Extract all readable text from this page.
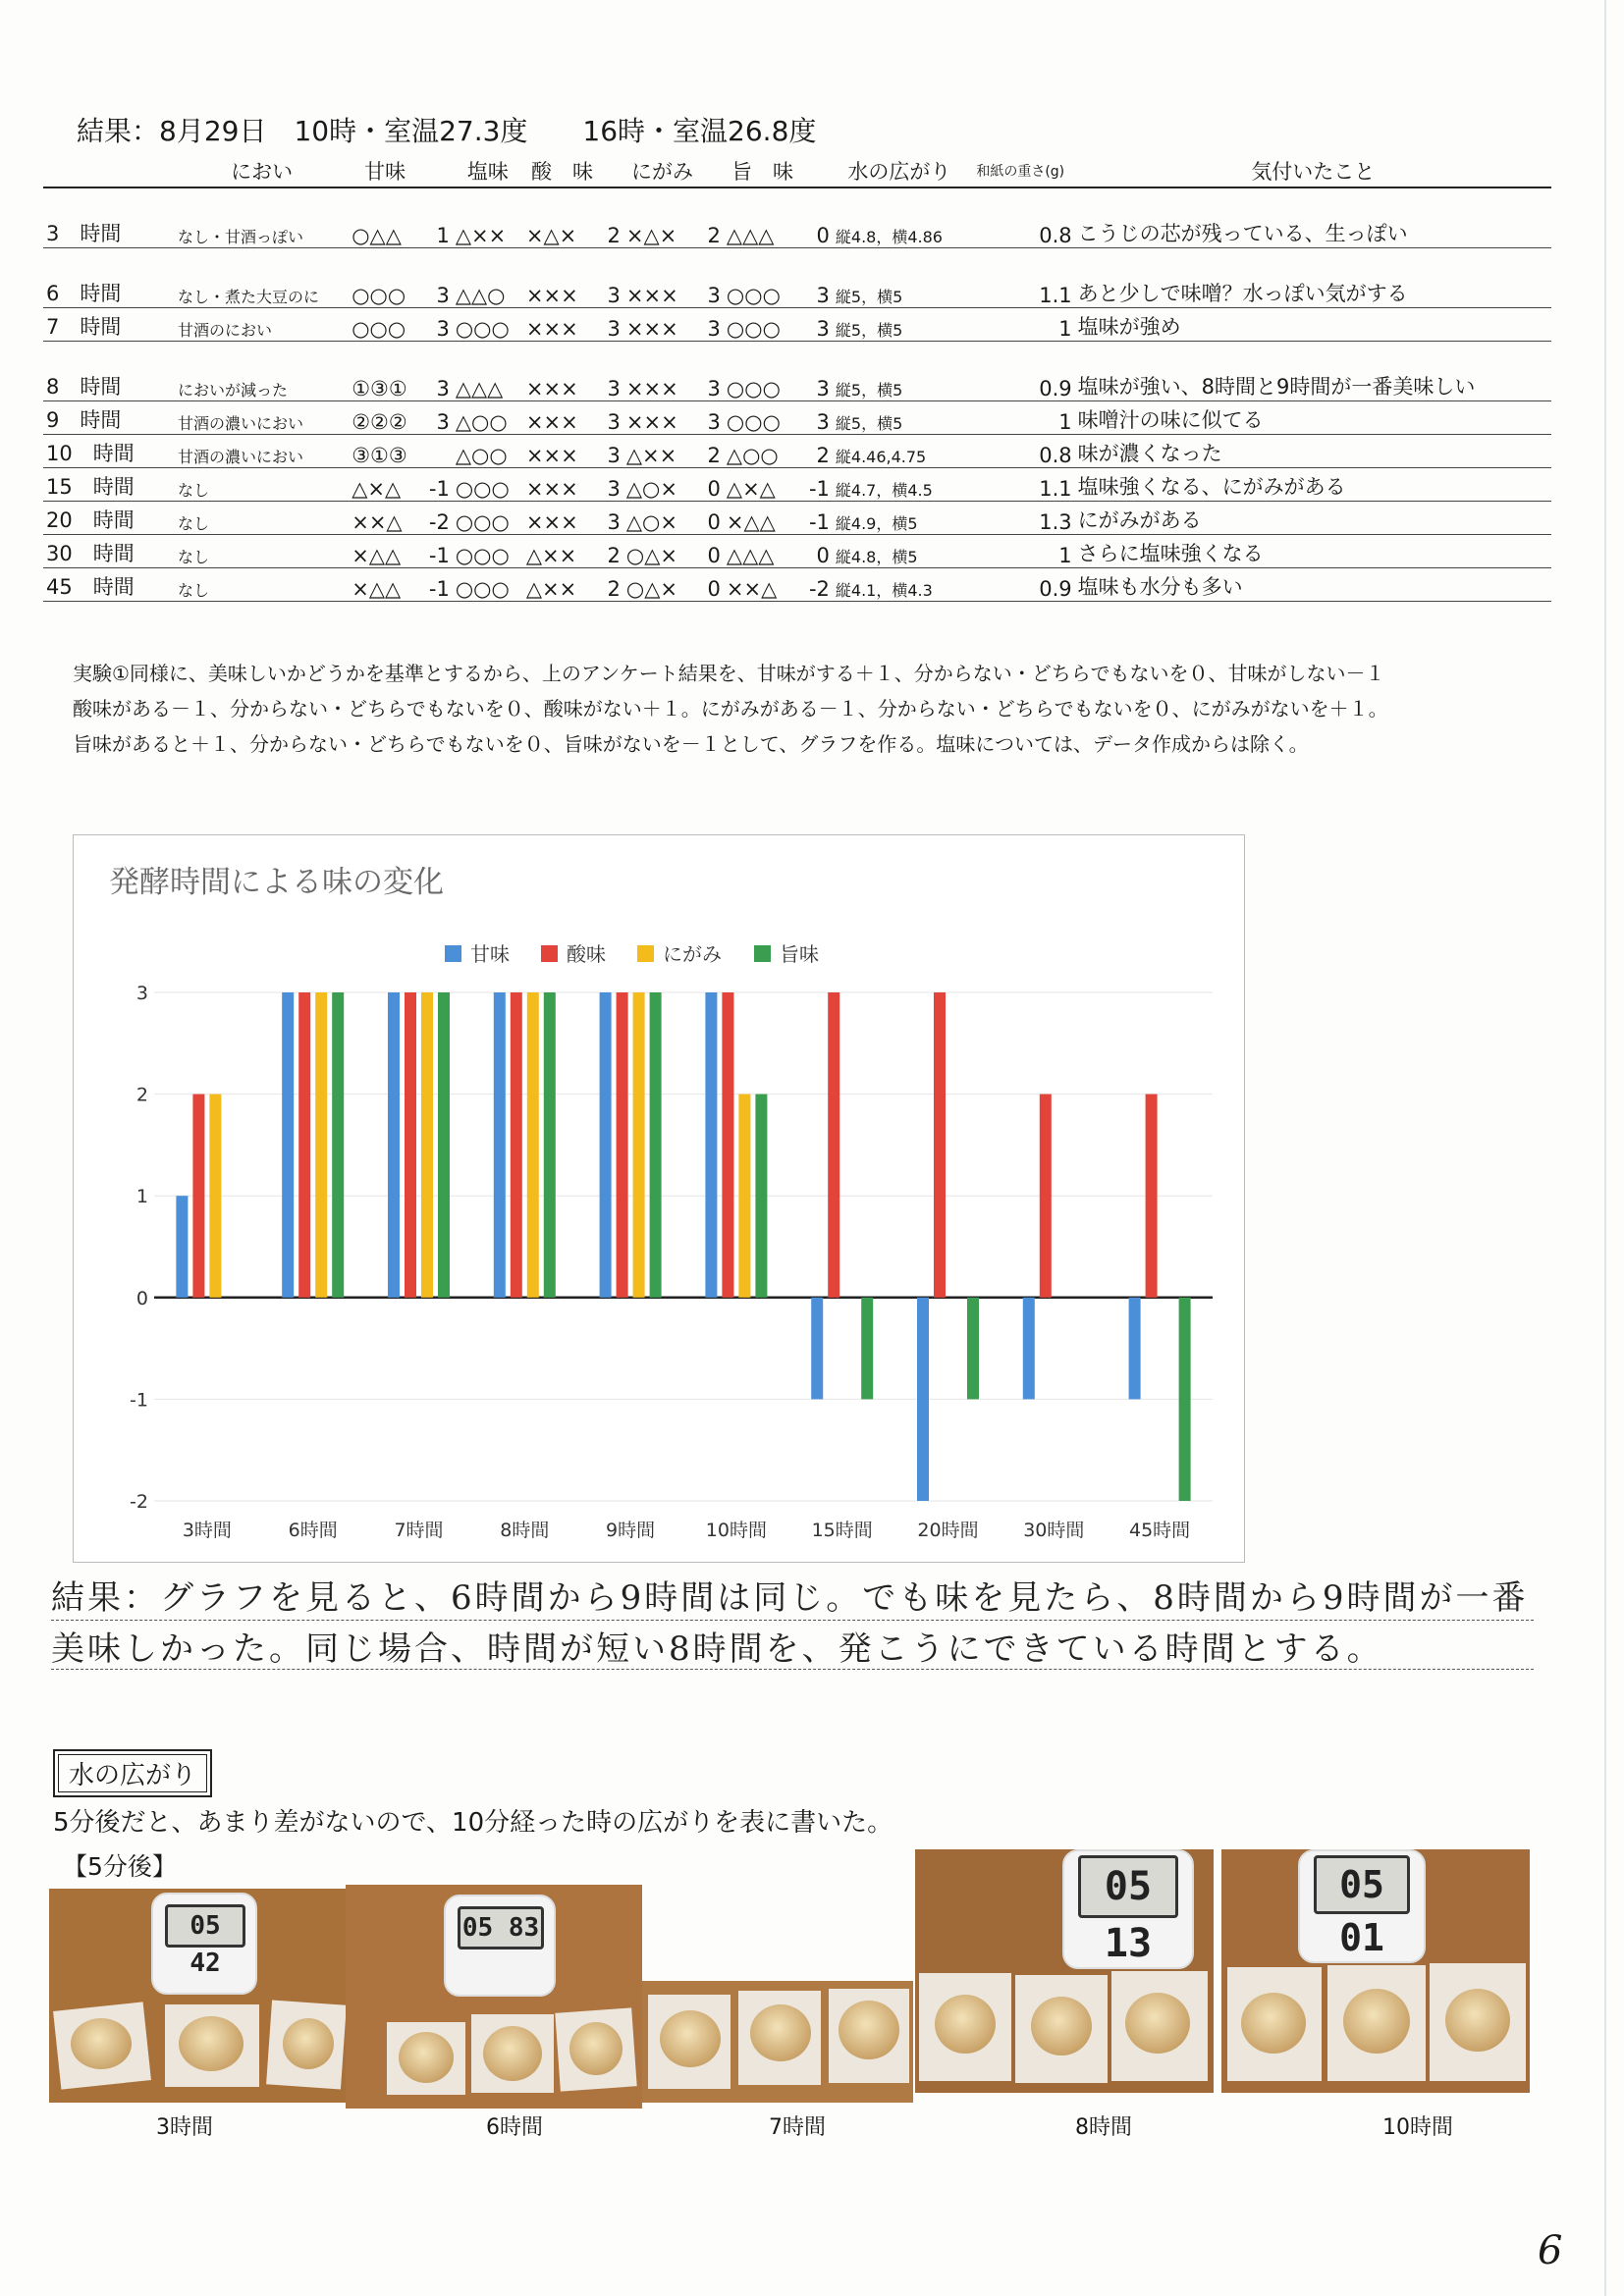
結果：8月29日　10時・室温27.3度　　16時・室温26.8度
	におい	甘味		塩味	酸　味		にがみ		旨　味		水の広がり	和紙の重さ(g)	気付いたこと
3　時間	なし・甘酒っぽい	○△△	1	△××	×△×	2	×△×	2	△△△	0	縦4.8，横4.86	0.8	こうじの芯が残っている、生っぽい
6　時間	なし・煮た大豆のに	○○○	3	△△○	×××	3	×××	3	○○○	3	縦5，横5	1.1	あと少しで味噌？水っぽい気がする
7　時間	甘酒のにおい	○○○	3	○○○	×××	3	×××	3	○○○	3	縦5，横5	1	塩味が強め
8　時間	においが減った	①③①	3	△△△	×××	3	×××	3	○○○	3	縦5，横5	0.9	塩味が強い、8時間と9時間が一番美味しい
9　時間	甘酒の濃いにおい	②②②	3	△○○	×××	3	×××	3	○○○	3	縦5，横5	1	味噌汁の味に似てる
10　時間	甘酒の濃いにおい	③①③		△○○	×××	3	△××	2	△○○	2	縦4.46,4.75	0.8	味が濃くなった
15　時間	なし	△×△	-1	○○○	×××	3	△○×	0	△×△	-1	縦4.7，横4.5	1.1	塩味強くなる、にがみがある
20　時間	なし	××△	-2	○○○	×××	3	△○×	0	×△△	-1	縦4.9，横5	1.3	にがみがある
30　時間	なし	×△△	-1	○○○	△××	2	○△×	0	△△△	0	縦4.8，横5	1	さらに塩味強くなる
45　時間	なし	×△△	-1	○○○	△××	2	○△×	0	××△	-2	縦4.1，横4.3	0.9	塩味も水分も多い
実験①同様に、美味しいかどうかを基準とするから、上のアンケート結果を、甘味がする＋１、分からない・どちらでもないを０、甘味がしない－１
酸味がある－１、分からない・どちらでもないを０、酸味がない＋１。にがみがある－１、分からない・どちらでもないを０、にがみがないを＋１。
旨味があると＋１、分からない・どちらでもないを０、旨味がないを－１として、グラフを作る。塩味については、データ作成からは除く。
発酵時間による味の変化
甘味	酸味	にがみ	旨味
3
2
1
0
-1
-2
3時間	6時間	7時間	8時間	9時間	10時間 15時間 20時間 30時間 45時間
結果：グラフを見ると、6時間から9時間は同じ。でも味を見たら、8時間から9時間が一番
美味しかった。同じ場合、時間が短い8時間を、発こうにできている時間とする。
水の広がり
5分後だと、あまり差がないので、10分経った時の広がりを表に書いた。
【5分後】
05 42
05 83
05 13
05 01
3時間	6時間	7時間	8時間	10時間
6
